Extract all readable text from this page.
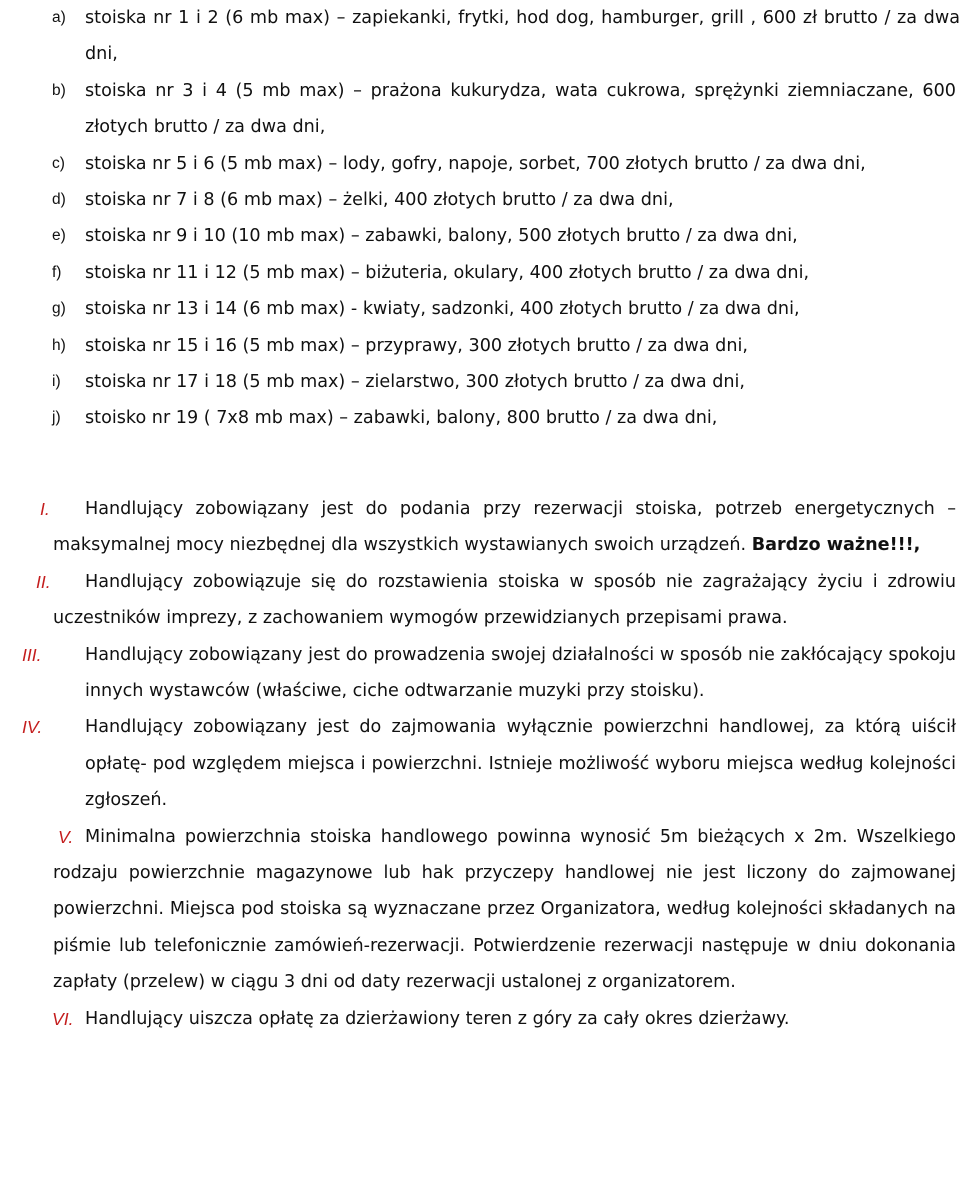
a) stoiska nr 1 i 2 (6 mb max) – zapiekanki, frytki, hod dog, hamburger, grill , 600 zł brutto / za dwa dni,
b) stoiska nr 3 i 4 (5 mb max) – prażona kukurydza, wata cukrowa, sprężynki ziemniaczane, 600 złotych brutto / za dwa dni,
c) stoiska nr 5 i 6 (5 mb max) – lody, gofry, napoje, sorbet, 700 złotych brutto / za dwa dni,
d) stoiska nr 7 i 8 (6 mb max) – żelki, 400 złotych brutto / za dwa dni,
e) stoiska nr 9 i 10 (10 mb max) – zabawki, balony, 500 złotych brutto / za dwa dni,
f) stoiska nr 11 i 12 (5 mb max) – biżuteria, okulary, 400 złotych brutto / za dwa dni,
g) stoiska nr 13 i 14 (6 mb max) - kwiaty, sadzonki, 400 złotych brutto / za dwa dni,
h) stoiska nr 15 i 16 (5 mb max) – przyprawy, 300 złotych brutto / za dwa dni,
i) stoiska nr 17 i 18 (5 mb max) – zielarstwo, 300 złotych brutto / za dwa dni,
j) stoisko nr 19 ( 7x8 mb max) – zabawki, balony, 800 brutto / za dwa dni,
I. Handlujący zobowiązany jest do podania przy rezerwacji stoiska, potrzeb energetycznych – maksymalnej mocy niezbędnej dla wszystkich wystawianych swoich urządzeń. Bardzo ważne!!!,
II. Handlujący zobowiązuje się do rozstawienia stoiska w sposób nie zagrażający życiu i zdrowiu uczestników imprezy, z zachowaniem wymogów przewidzianych przepisami prawa.
III. Handlujący zobowiązany jest do prowadzenia swojej działalności w sposób nie zakłócający spokoju innych wystawców (właściwe, ciche odtwarzanie muzyki przy stoisku).
IV. Handlujący zobowiązany jest do zajmowania wyłącznie powierzchni handlowej, za którą uiścił opłatę- pod względem miejsca i powierzchni. Istnieje możliwość wyboru miejsca według kolejności zgłoszeń.
V. Minimalna powierzchnia stoiska handlowego powinna wynosić 5m bieżących x 2m. Wszelkiego rodzaju powierzchnie magazynowe lub hak przyczepy handlowej nie jest liczony do zajmowanej powierzchni. Miejsca pod stoiska są wyznaczane przez Organizatora, według kolejności składanych na piśmie lub telefonicznie zamówień-rezerwacji. Potwierdzenie rezerwacji następuje w dniu dokonania zapłaty (przelew) w ciągu 3 dni od daty rezerwacji ustalonej z organizatorem.
VI. Handlujący uiszcza opłatę za dzierżawiony teren z góry za cały okres dzierżawy.
